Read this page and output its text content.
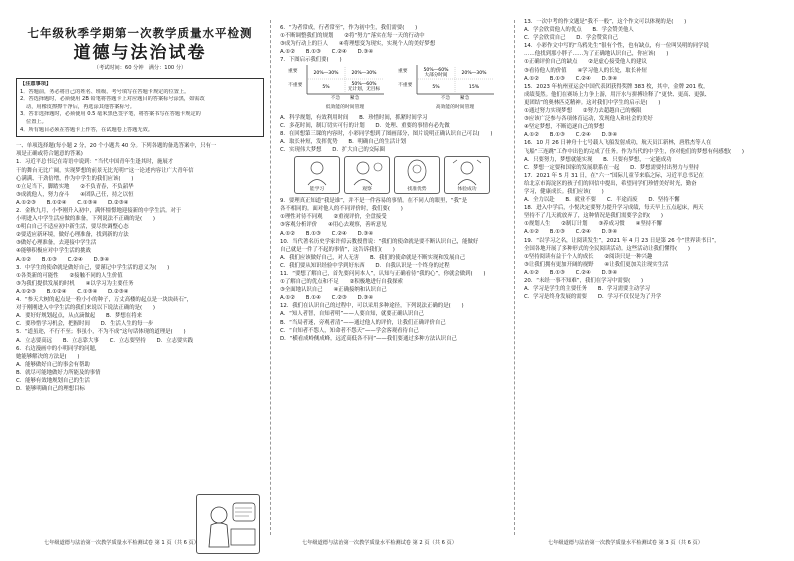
七年级秋季学期第一次教学质量水平检测
道德与法治试卷
（考试时间：60 分钟　满分：100 分）

【注意事项】

1．答题前，务必将自己的姓名、班级、考号填写在答题卡规定的位置上。

2．答选择题时，必须使用 2B 铅笔将答题卡上对应题目的答案标号涂黑，如需改

动，用橡皮擦擦干净后，再选涂其他答案标号。

3．答非选择题时，必须使用 0.5 毫米黑色签字笔，将答案书写在答题卡规定的

位置上。

4．所有题目必须在答题卡上作答，在试题卷上答题无效。

一、单项选择题(每小题 2 分，20 个小题共 40 分。下列各题的备选答案中，只有一

项是正确或符合题意的答案)

1．习近平总书记在寄语中说到：“当代中国青年生逢其时，施展才

干的舞台无比广阔，实现梦想的前景无比光明!”这一论述内容让广大青年信

心满满、干劲倍增，作为中学生的我们应该(　　)

①立足当下，脚踏实地　　②不负青春，不负韶华

③成就他人，努力奋斗　　④团队己任，持之以恒

A.①②③　　B.①②④　　C.①③④　　D.②③④

2．金秋九月，小李刚升入初中，满怀憧憬地迎接新的中学生活。对于

小明进入中学生活应做的准备，下列说法不正确的是(　　)

①明白自己不适应初中新生活，要尽快调整心态

②要适应新环境，做好心理准备，找到新的方法

③做好心理准备，去迎接中学生活

④能够积极应对中学生活的挑战

A.①②　　B.①③　　C.②④　　D.③④

3．中学生的使命就是做好自己，要谨记中学生活的意义为(　　)

①各类新的可能性　　②接触不同的人生价值

③为我们提供发展的时机　　④以学习为主要任务

A.①②③　　B.①②④　　C.①③④　　D.②③④

4．“参天大树的起点是一粒小小的种子，万丈高楼的起点是一块块砖石”，

对于刚刚进入中学生活的我们来说以下说法正确的是(　　)

A．要好好规划起点，从点滴做起　　B．梦想在将来

C．要珍惜学习机会，把握时间　　D．生活人生的每一步

5．“道虽迩，不行不至；事虽小，不为不成”这句话体现的道理是(　　)

A．立志要高远　　B．立志靠大事　　C．立志要坚持　　D．立志要实践

6．右边漫画中的小明同学的问题，

她能够解决的方法是(　　)

A．能够做好自己的事会有帮助

B．就尽可能地做好力所能及的事情

C．能够有效地规划自己的生活

D．能够明确自己的理想目标

6．“为者常成，行者常至”，作为初中生，我们需要(　　)

①不断调整我们的规划　　②将“努力”落实在每一天的行动中

③成为行动上的巨人　　④将理想变为现实，实现个人的美好梦想

A.①②　　B.①③　　C.②④　　D.③④

7．下图启示我们要(　　)

重要
不重要
20%—30%	20%—30%
5%
50%—60%无计划，无目标
不急　　紧急
低效能的时间管理
重要
不重要
50%—60%大部分时间	20%—30%
5%	15%
不急　　紧急
高效能的时间管理

A．科学规划，有效利用时间　　B．珍惜时间，抓紧时间学习

C．多花时间，制订切实可行的计划　　D．处理、重要的事情有必先做

8．在回想第三课的内容时，小彩同学想到了图画部分，图片说明正确认识自己可以(　　)

A．取长补短，发挥优势　　B．明确自己的生活计划

C．实现伟大梦想　　D．扩大自己的交际圈

能学习	观察	找准优势	体验成功

9．要理真正知道“我是谁”，并不是一件容易的事情。在不同人的眼里，“我”是

各不相同的。面对他人的不同评价时，我们要(　　)

①理性对待不同观　　②重视评价，全盘接受

③客观分析评价　　④用心去观察，善听意见

A.①②　　B.①③　　C.②④　　D.③④

10．当代著名历史学家许倬云教授曾说：“我们的使命就是要不断认识自己，能做好

自己就是一件了不起的事情”，这告诉我们(　　)

A．我们应该做好自己，对人无害　　B．我们的使命就是不断实现和发展自己

C．我们要从知识经验中学到好东西　　D．自我认识是一个终身的过程

11．“要想了解自己，首先要问问本人”，认知与正确看待“我的心”，你就会做到(　　)

①了解自己的优点和不足　　②积极地进行自我探索

③全面地认识自己　　④正确接纳和认识自己

A.①②　　B.①④　　C.②③　　D.③④

12．我们在认识自己的过程中，可以采用多种途径，下列说法正确的是(　　)

A．“知人者智，自知者明”——人要自知，就要正确认识自己

B．“当局者迷，旁观者清”——通过他人的评价，让我们正确评价自己

C．“自知者不怨人，知命者不怨天”——学会客观看待自己

D．“横看成岭侧成峰，远近高低各不同”——我们要通过多种方法认识自己

13．一次中考的作文题是“我不一般”，这个作文可以体现的是(　　)

A．学会欣赏他人的优点　　B．学会赞美他人

C．学会欣赏自己　　D．学会赞赏自己

14．小彩作文中写的“乌鸦先生”很有个性，也有缺点，有一位叫吴明的同学说

……他找到那小胖子……为了正确地认识自己，你应该(　　)

①正确评价自己的缺点　　②是虚心接受他人的建议

③看待他人的价值　　④学习他人的长处，取长补短

A.①②　　B.①③　　C.②④　　D.③④

15．2023 年杭州亚运会中国代表团获得奖牌 383 枚，其中，金牌 201 枚，

成绩斐然。他们在赛场上力争上游，用汗水与拼搏诠释了“更快、更高、更强、

更团结”的奥林匹克精神。这对我们中学生的启示是(　　)

①通过努力实现梦想　　②努力去超越自己的极限

③应该广泛参与各项体育运动，发现他人和社会的美好

④坚定梦想，不断追逐自己的梦想

A.①②　　B.①③　　C.②④　　D.③④

16．10 月 26 日神舟十七号载人飞船发射成功，航天员江新林，唐胜杰等人在

飞船“三连跳”工作中出色的完成了任务。作为当代的中学生，你对他们的梦想有何感想(　　)

A．只要努力，梦想就能实现　　B．只要有梦想，一定能成功

C．梦想一定要和国家的发展联系在一起　　D．梦想需要付出努力与坚持

17．2021 年 5 月 31 日，在“六一”国际儿童节来临之际，习近平总书记在

给北京市海淀区的孩子们的回信中提出，希望同学们珍惜美好时光，勤奋

学习，健康成长。我们应该(　　)

A．全力以赴　　B．就业不要　　C．半途而废　　D．坚持不懈

18．进入中学后，小悦决定要努力提升学习成绩，每天早上五点起床，两天

坚持不了几天就放弃了，这种情况是我们需要学会的(　　)

①规划人生　　②制订计划　　③养成习惯　　④坚持不懈

A.①②　　B.①③　　C.②④　　D.③④

19．“以学习之名，让阅读发生”，2021 年 4 月 23 日是第 26 个“世界读书日”，

全国各地开展了多种形式的全民阅读活动。这些活动让我们懂得(　　)

①坚持阅读有益于个人的成长　　②阅读只是一种兴趣

③让我们拥有更加开阔的视野　　④让我们更加关注现实生活

A.①②　　B.①③　　C.②④　　D.③④

20．“未经一事不知难”，我们在学习中需要(　　)

A．学习是学生的主要任务　　B．学习需要主动学习

C．学习是终身发展的需要　　D．学习不仅仅是为了升学

七年级道德与法治第一次教学质量水平检测试卷 第 1 页（共 6 页）	七年级道德与法治第一次教学质量水平检测试卷 第 2 页（共 6 页）	七年级道德与法治第一次教学质量水平检测试卷 第 3 页（共 6 页）
